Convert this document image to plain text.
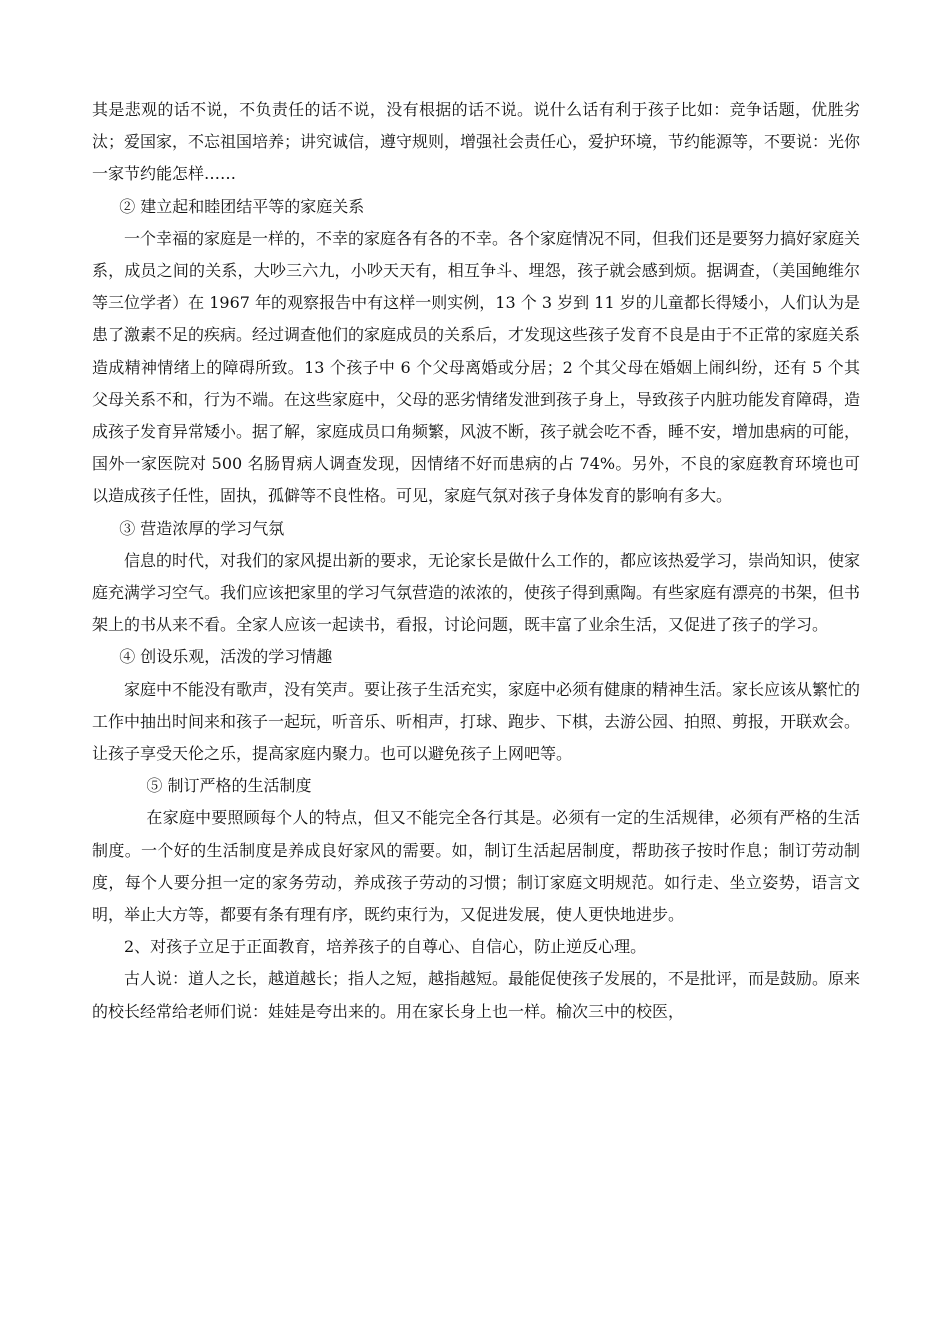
其是悲观的话不说，不负责任的话不说，没有根据的话不说。说什么话有利于孩子比如：竞争话题，优胜劣汰；爱国家，不忘祖国培养；讲究诚信，遵守规则，增强社会责任心，爱护环境，节约能源等，不要说：光你一家节约能怎样……

② 建立起和睦团结平等的家庭关系

一个幸福的家庭是一样的，不幸的家庭各有各的不幸。各个家庭情况不同，但我们还是要努力搞好家庭关系，成员之间的关系，大吵三六九，小吵天天有，相互争斗、埋怨，孩子就会感到烦。据调查，（美国鲍维尔等三位学者）在 1967 年的观察报告中有这样一则实例，13 个 3 岁到 11 岁的儿童都长得矮小，人们认为是患了激素不足的疾病。经过调查他们的家庭成员的关系后，才发现这些孩子发育不良是由于不正常的家庭关系造成精神情绪上的障碍所致。13 个孩子中 6 个父母离婚或分居；2 个其父母在婚姻上闹纠纷，还有 5 个其父母关系不和，行为不端。在这些家庭中，父母的恶劣情绪发泄到孩子身上，导致孩子内脏功能发育障碍，造成孩子发育异常矮小。据了解，家庭成员口角频繁，风波不断，孩子就会吃不香，睡不安，增加患病的可能，国外一家医院对 500 名肠胃病人调查发现，因情绪不好而患病的占 74%。另外，不良的家庭教育环境也可以造成孩子任性，固执，孤僻等不良性格。可见，家庭气氛对孩子身体发育的影响有多大。

③ 营造浓厚的学习气氛

信息的时代，对我们的家风提出新的要求，无论家长是做什么工作的，都应该热爱学习，崇尚知识，使家庭充满学习空气。我们应该把家里的学习气氛营造的浓浓的，使孩子得到熏陶。有些家庭有漂亮的书架，但书架上的书从来不看。全家人应该一起读书，看报，讨论问题，既丰富了业余生活，又促进了孩子的学习。

④ 创设乐观，活泼的学习情趣

家庭中不能没有歌声，没有笑声。要让孩子生活充实，家庭中必须有健康的精神生活。家长应该从繁忙的工作中抽出时间来和孩子一起玩，听音乐、听相声，打球、跑步、下棋，去游公园、拍照、剪报，开联欢会。让孩子享受天伦之乐，提高家庭内聚力。也可以避免孩子上网吧等。

⑤ 制订严格的生活制度

在家庭中要照顾每个人的特点，但又不能完全各行其是。必须有一定的生活规律，必须有严格的生活制度。一个好的生活制度是养成良好家风的需要。如，制订生活起居制度，帮助孩子按时作息；制订劳动制度，每个人要分担一定的家务劳动，养成孩子劳动的习惯；制订家庭文明规范。如行走、坐立姿势，语言文明，举止大方等，都要有条有理有序，既约束行为，又促进发展，使人更快地进步。

2、对孩子立足于正面教育，培养孩子的自尊心、自信心，防止逆反心理。

古人说：道人之长，越道越长；指人之短，越指越短。最能促使孩子发展的，不是批评，而是鼓励。原来的校长经常给老师们说：娃娃是夸出来的。用在家长身上也一样。榆次三中的校医，
